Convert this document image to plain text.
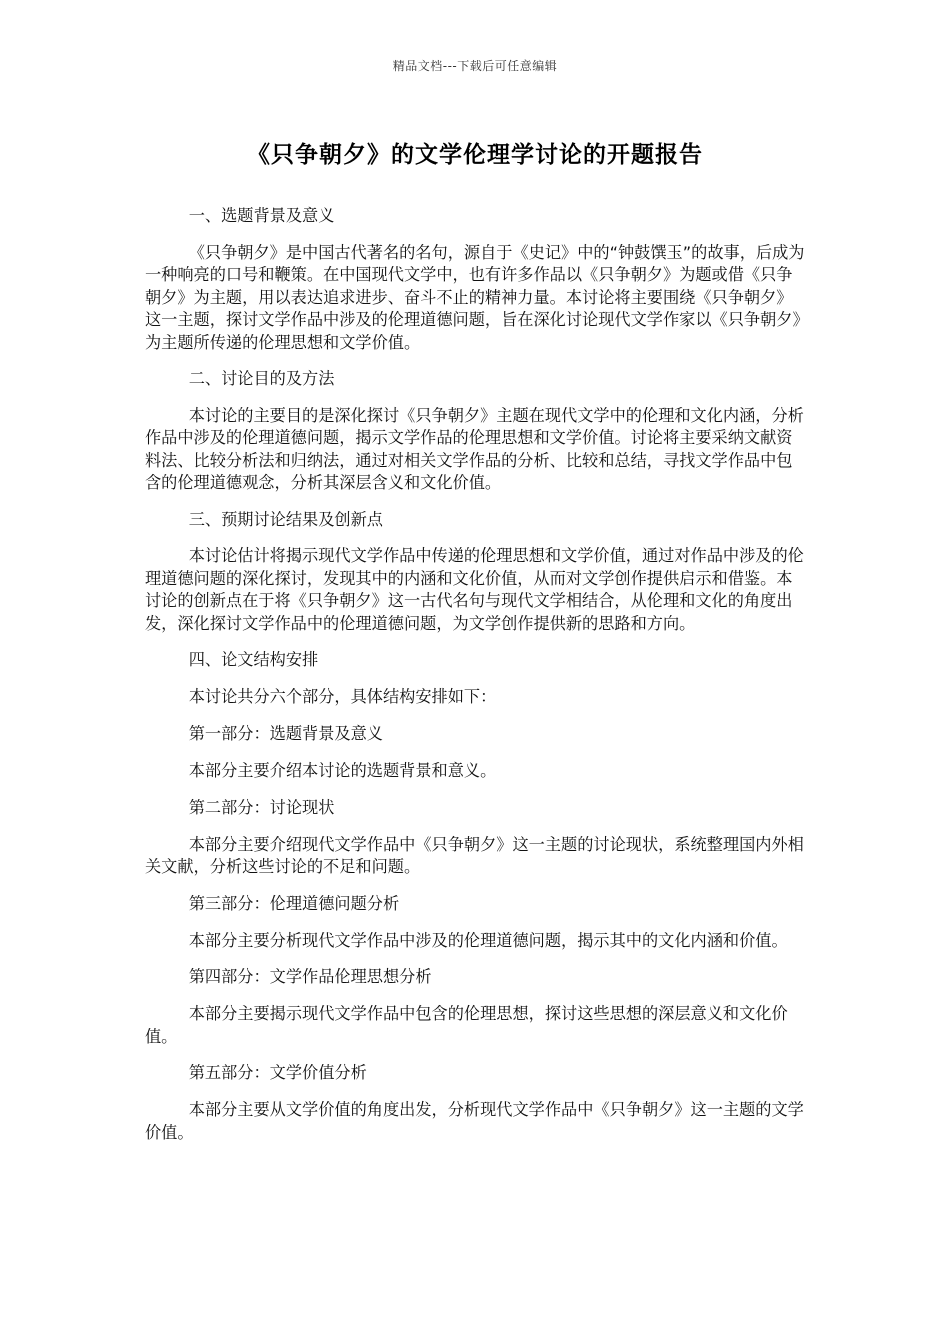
精品文档---下载后可任意编辑
《只争朝夕》的文学伦理学讨论的开题报告

一、选题背景及意义

《只争朝夕》是中国古代著名的名句，源自于《史记》中的“钟鼓馔玉”的故事，后成为一种响亮的口号和鞭策。在中国现代文学中，也有许多作品以《只争朝夕》为题或借《只争朝夕》为主题，用以表达追求进步、奋斗不止的精神力量。本讨论将主要围绕《只争朝夕》这一主题，探讨文学作品中涉及的伦理道德问题，旨在深化讨论现代文学作家以《只争朝夕》为主题所传递的伦理思想和文学价值。

二、讨论目的及方法

本讨论的主要目的是深化探讨《只争朝夕》主题在现代文学中的伦理和文化内涵，分析作品中涉及的伦理道德问题，揭示文学作品的伦理思想和文学价值。讨论将主要采纳文献资料法、比较分析法和归纳法，通过对相关文学作品的分析、比较和总结，寻找文学作品中包含的伦理道德观念，分析其深层含义和文化价值。

三、预期讨论结果及创新点

本讨论估计将揭示现代文学作品中传递的伦理思想和文学价值，通过对作品中涉及的伦理道德问题的深化探讨，发现其中的内涵和文化价值，从而对文学创作提供启示和借鉴。本讨论的创新点在于将《只争朝夕》这一古代名句与现代文学相结合，从伦理和文化的角度出发，深化探讨文学作品中的伦理道德问题，为文学创作提供新的思路和方向。

四、论文结构安排

本讨论共分六个部分，具体结构安排如下：

第一部分：选题背景及意义

本部分主要介绍本讨论的选题背景和意义。

第二部分：讨论现状

本部分主要介绍现代文学作品中《只争朝夕》这一主题的讨论现状，系统整理国内外相关文献，分析这些讨论的不足和问题。

第三部分：伦理道德问题分析

本部分主要分析现代文学作品中涉及的伦理道德问题，揭示其中的文化内涵和价值。

第四部分：文学作品伦理思想分析

本部分主要揭示现代文学作品中包含的伦理思想，探讨这些思想的深层意义和文化价值。

第五部分：文学价值分析

本部分主要从文学价值的角度出发，分析现代文学作品中《只争朝夕》这一主题的文学价值。
